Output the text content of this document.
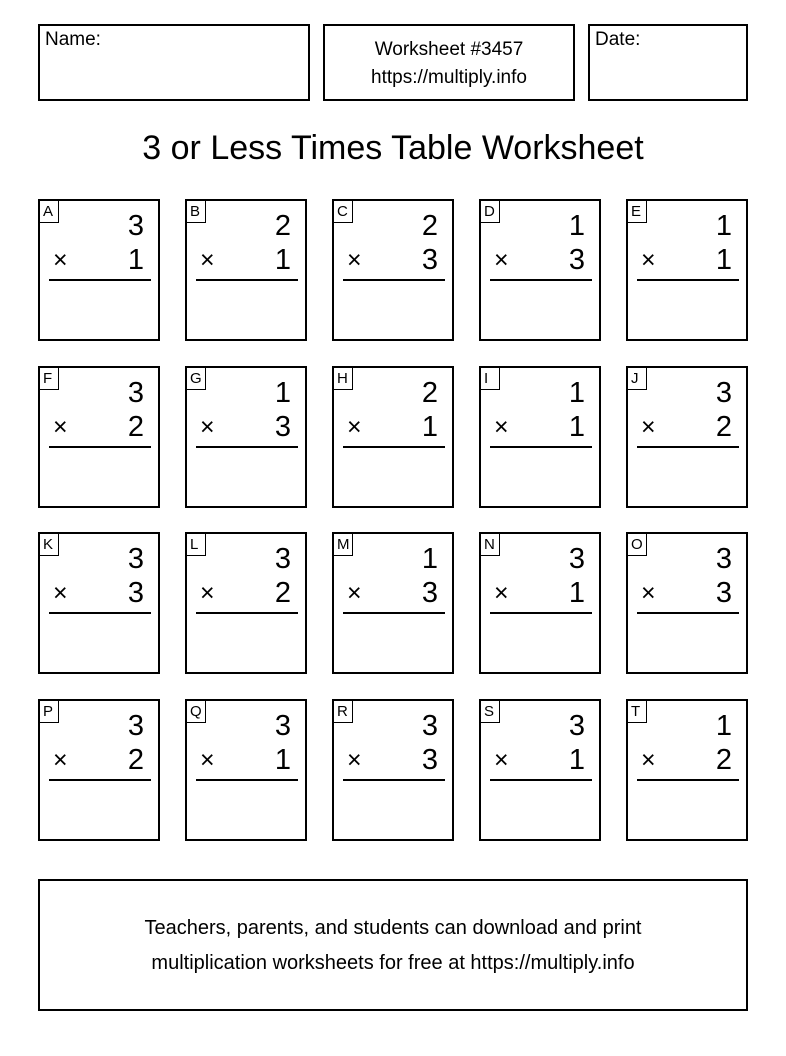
Name:	Worksheet #3457
https://multiply.info
Date:
3 or Less Times Table Worksheet
A	3
× 1
B	2
× 1
C	2
× 3
D	1
× 3
E	1
× 1
F	3
× 2
G	1
× 3
H	2
× 1
I	1
× 1
J	3
× 2
K	3
× 3
L	3
× 2
M 1
× 3
N	3
× 1
O	3
× 3
P	3
× 2
Q	3
× 1
R	3
× 3
S	3
× 1
T	1
× 2
Teachers, parents, and students can download and print
multiplication worksheets for free at https://multiply.info
